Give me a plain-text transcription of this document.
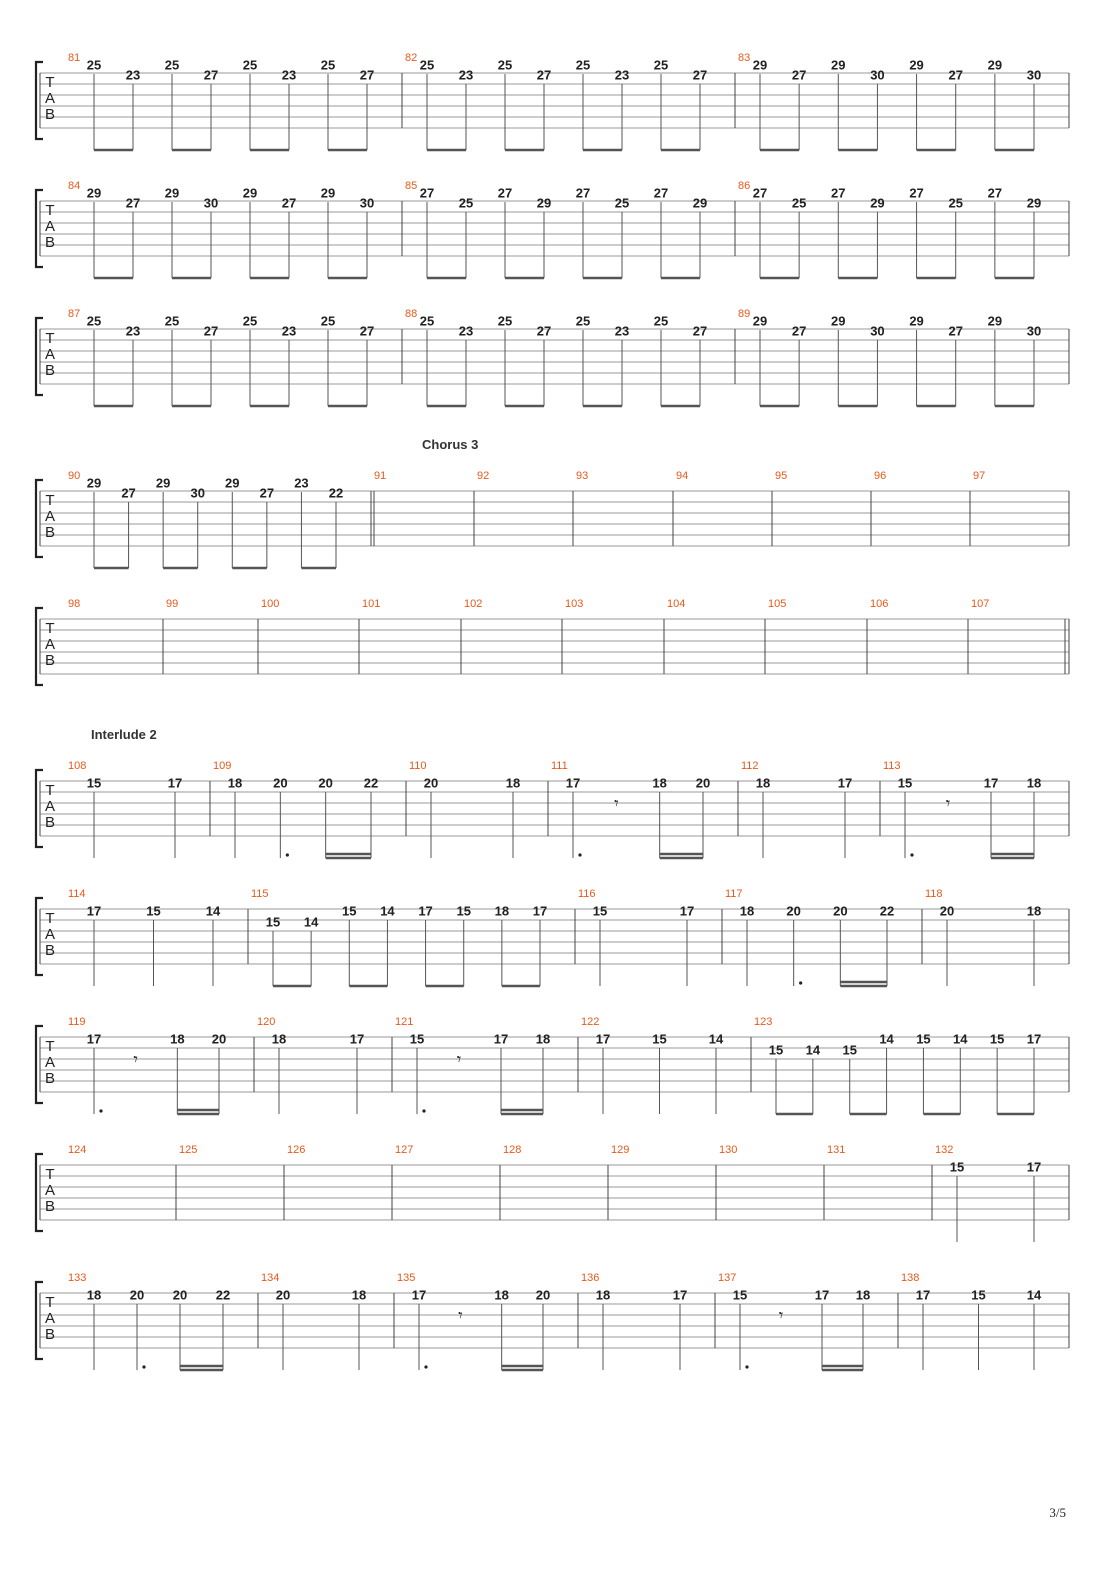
T
A
B
81 25
23
25
27
25
23
25
27
82 25
23
25
27
25
23
25
27
83 29
27
29
30
29
27
29
30
T
A
B
84 29
27
29
30
29
27
29
30
85 27
25
27
29
27
25
27
29
86 27
25
27
29
27
25
27
29
T
A
B
87 25
23
25
27
25
23
25
27
88 25
23
25
27
25
23
25
27
89 29
27
29
30
29
27
29
30
Chorus 3
T
A
B
90 29
27
29
30
29
27
23
22
91	92	93	94	95	96	97
T
A
B
98	99	100	101	102	103	104	105	106	107
Interlude 2
T
A
B
108
15	17
109
18 20 20 22
110
20	18
111
17
𝄾
18 20
112
18	17
113
15
𝄾
17 18
T
A
B
114
17	15	14
115
15 14
15 14 17 15 18 17
116
15	17
117
18 20 20 22
118
20	18
T
A
B
119
17
𝄾
18 20
120
18	17
121
15
𝄾
17 18
122
17	15	14
123
15 14 15
14 15 14 15 17
T
A
B
124	125	126	127	128	129	130	131	132
15	17
T
A
B
133
18 20 20 22
134
20	18
135
17
𝄾
18 20
136
18	17
137
15
𝄾
17 18
138
17	15	14
3/5
